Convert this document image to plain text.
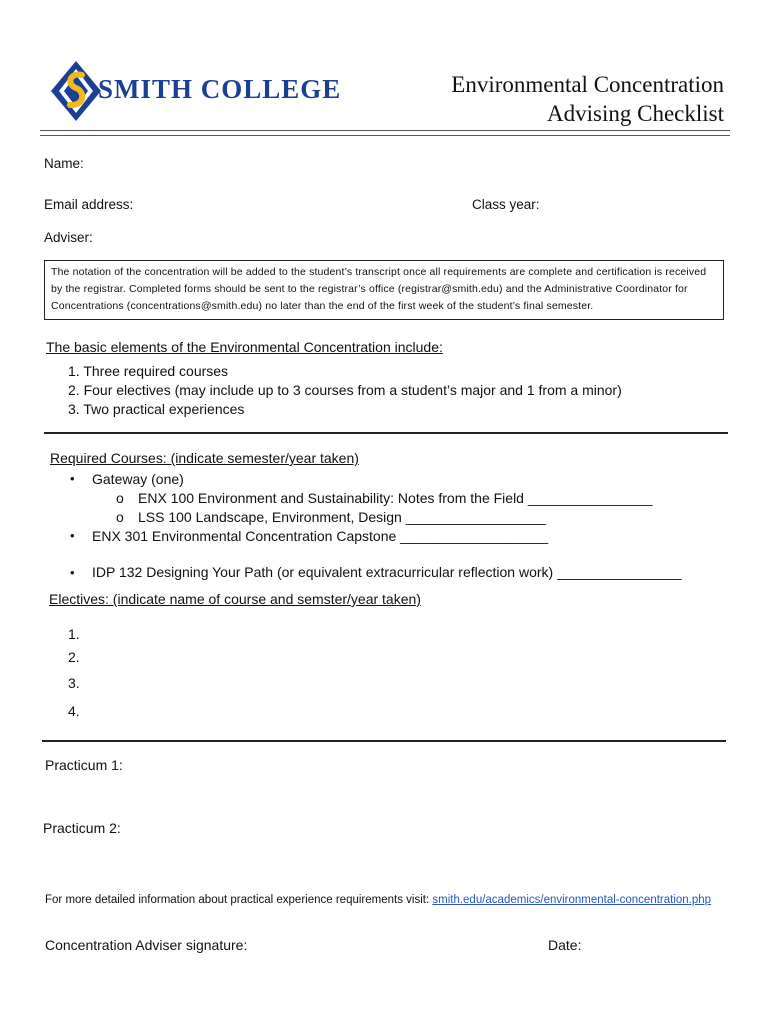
SMITH COLLEGE	Environmental Concentration
Advising Checklist
Name:
Email address:	Class year:
Adviser:
The notation of the concentration will be added to the student’s transcript once all requirements are complete and certification is received by the registrar. Completed forms should be sent to the registrar’s office (registrar@smith.edu) and the Administrative Coordinator for Concentrations (concentrations@smith.edu) no later than the end of the first week of the student’s final semester.
The basic elements of the Environmental Concentration include:
1. Three required courses
2. Four electives (may include up to 3 courses from a student’s major and 1 from a minor)
3. Two practical experiences
Required Courses: (indicate semester/year taken)
• Gateway (one)
o ENX 100 Environment and Sustainability: Notes from the Field ________________
o LSS 100 Landscape, Environment, Design __________________
• ENX 301 Environmental Concentration Capstone ___________________
• IDP 132 Designing Your Path (or equivalent extracurricular reflection work) ________________
Electives: (indicate name of course and semster/year taken)
1.
2.
3.
4.
Practicum 1:
Practicum 2:
For more detailed information about practical experience requirements visit: smith.edu/academics/environmental-concentration.php
Concentration Adviser signature:	Date:
